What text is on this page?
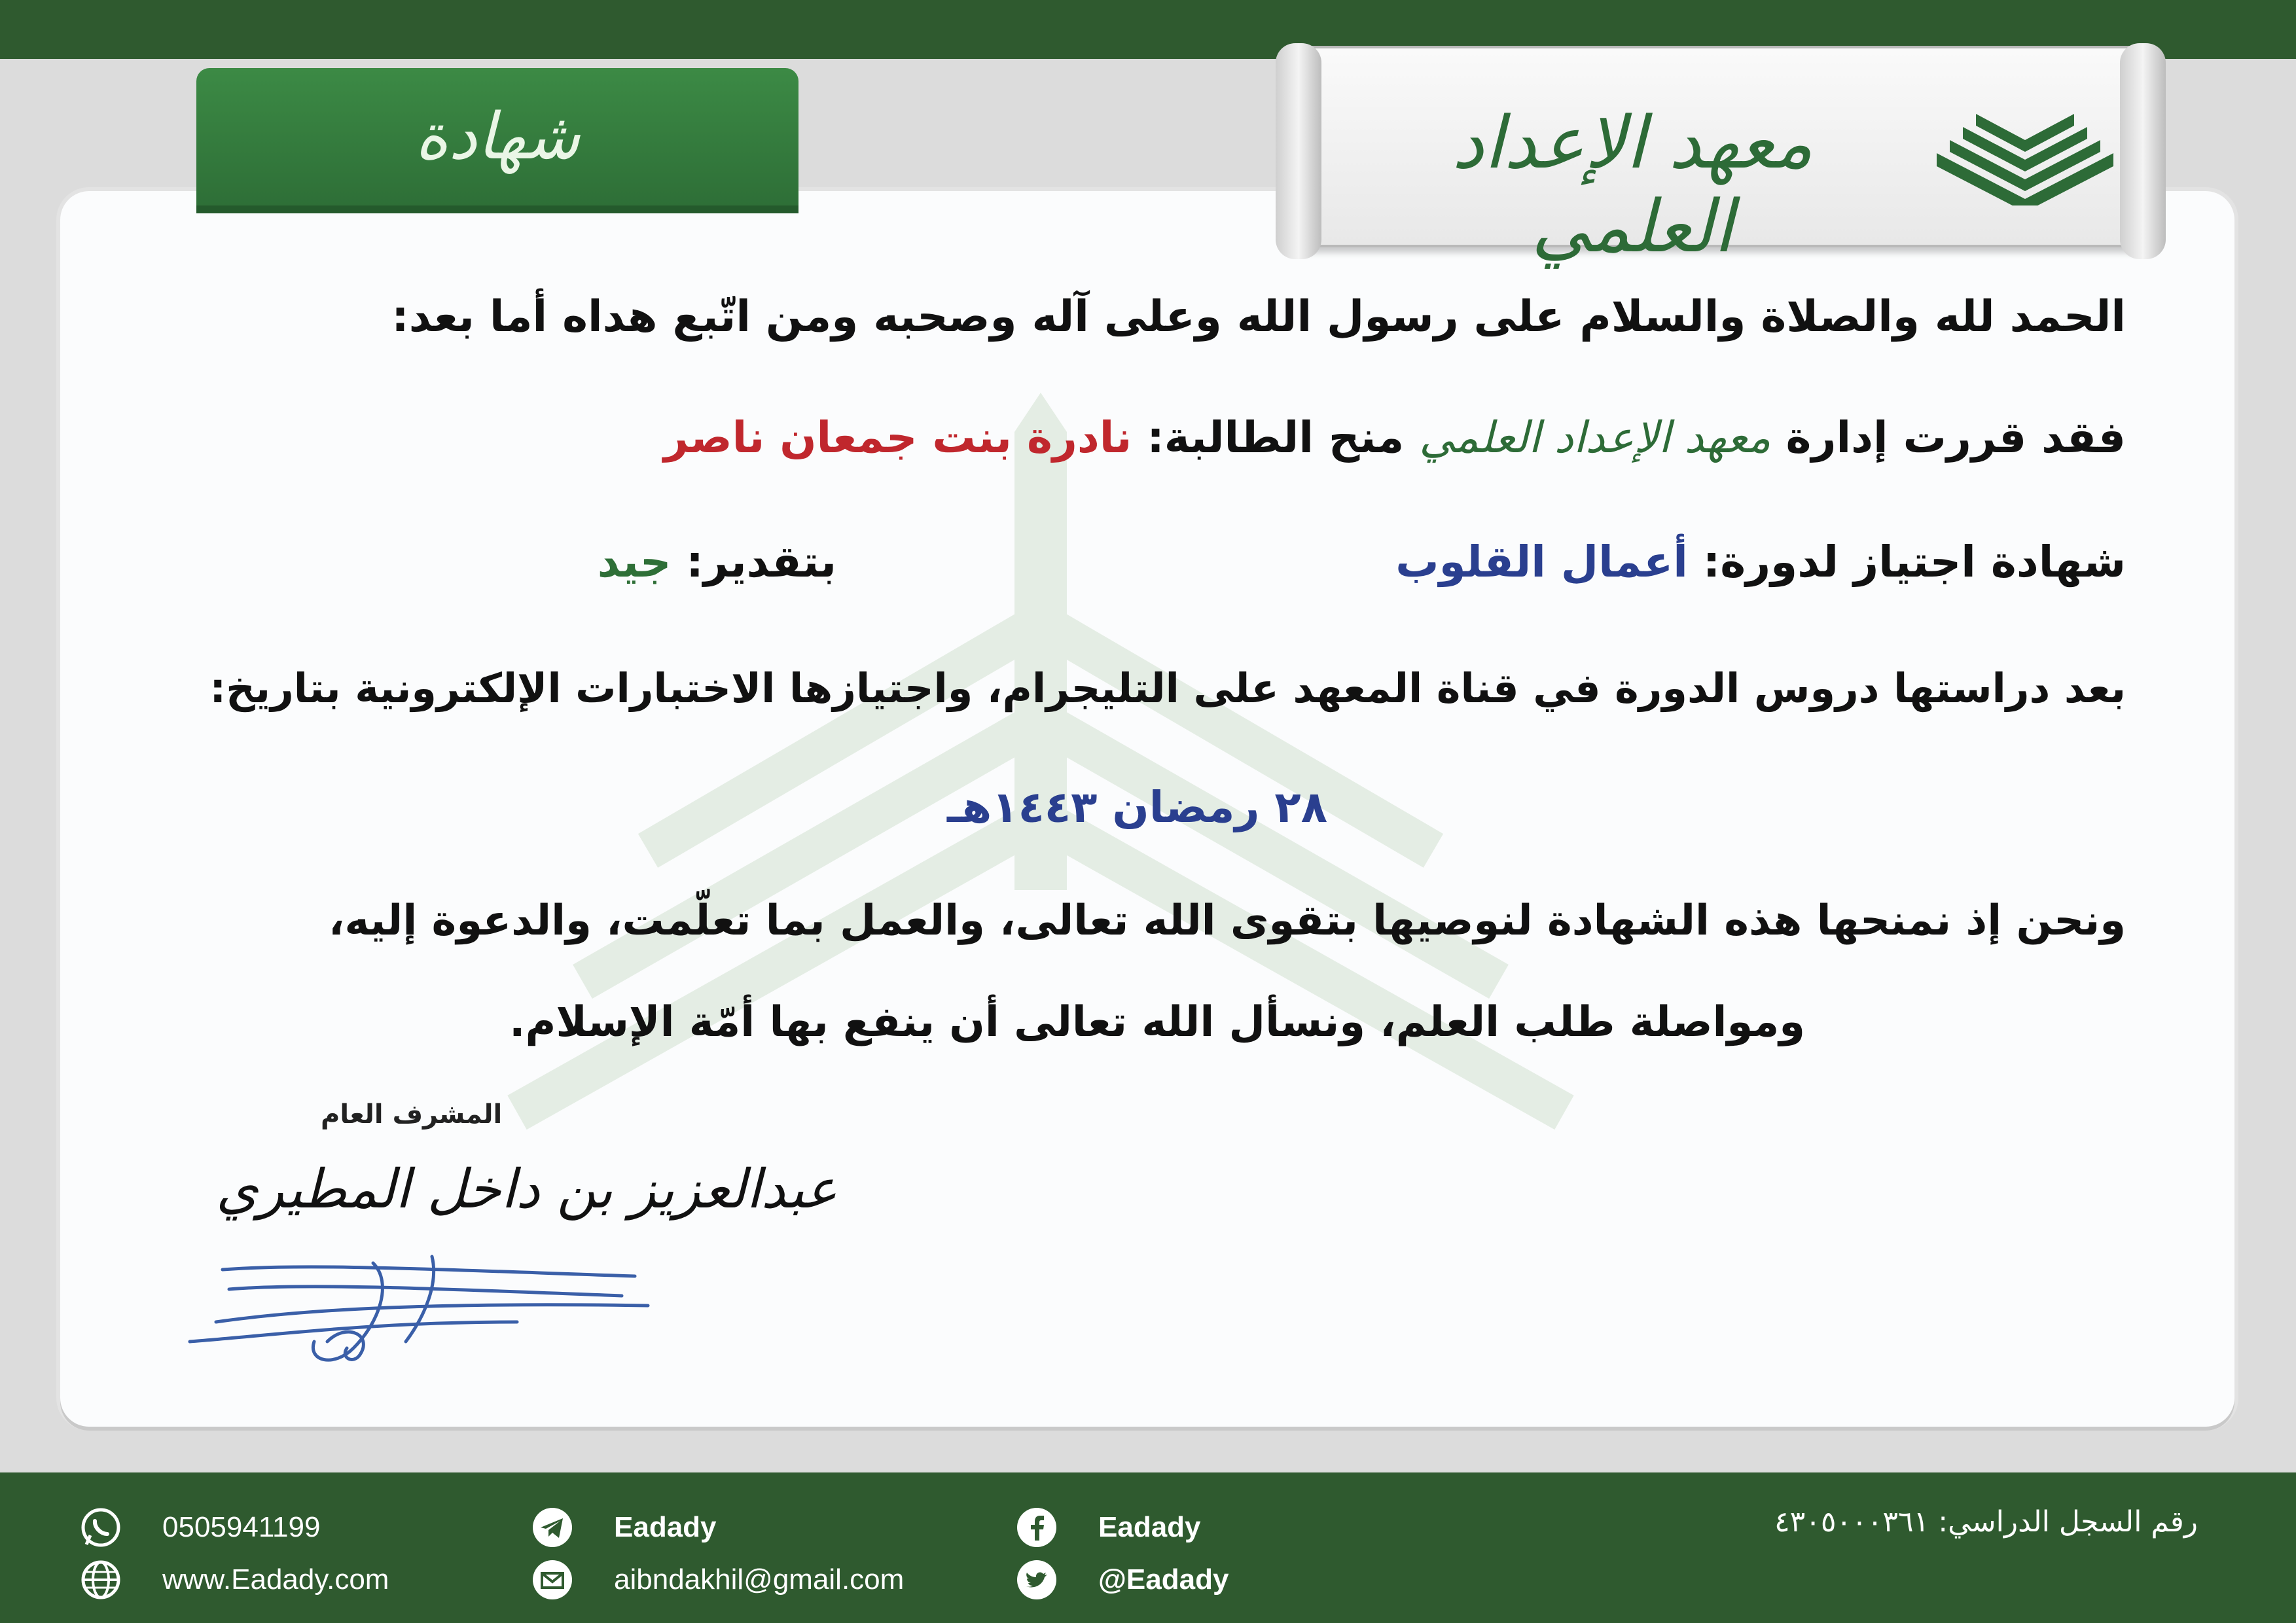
شهادة	معهد الإعداد العلمي
الحمد لله والصلاة والسلام على رسول الله وعلى آله وصحبه ومن اتّبع هداه أما بعد:
فقد قررت إدارة معهد الإعداد العلمي منح الطالبة: نادرة بنت جمعان ناصر
شهادة اجتياز لدورة: أعمال القلوب
بتقدير: جيد
بعد دراستها دروس الدورة في قناة المعهد على التليجرام، واجتيازها الاختبارات الإلكترونية بتاريخ:
٢٨ رمضان ١٤٤٣هـ
ونحن إذ نمنحها هذه الشهادة لنوصيها بتقوى الله تعالى، والعمل بما تعلّمت، والدعوة إليه،
ومواصلة طلب العلم، ونسأل الله تعالى أن ينفع بها أمّة الإسلام.
المشرف العام
عبدالعزيز بن داخل المطيري
0505941199
www.Eadady.com
Eadady
aibndakhil@gmail.com
Eadady
@Eadady
رقم السجل الدراسي: ٤٣٠٥٠٠٠٣٦١
